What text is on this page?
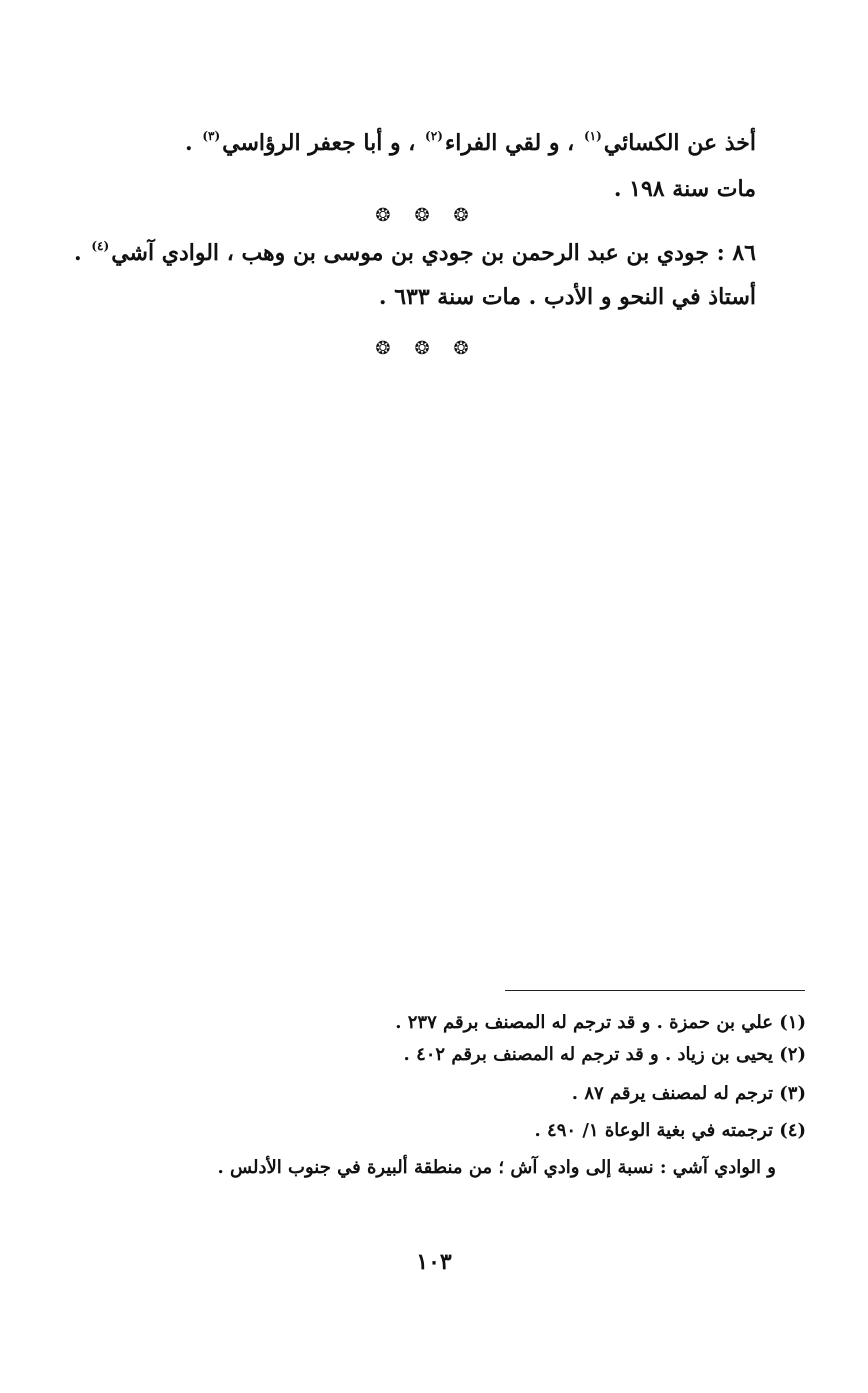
أخذ عن الكسائي$^{(١)}$ ، و لقي الفراء$^{(٢)}$ ، و أبا جعفر الرؤاسي$^{(٣)}$ .
مات سنة ١٩٨ .
❂❂❂
٨٦ : جودي بن عبد الرحمن بن جودي بن موسى بن وهب ، الوادي آشي$^{(٤)}$ .
أستاذ في النحو و الأدب . مات سنة ٦٣٣ .
❂❂❂
(١) علي بن حمزة . و قد ترجم له المصنف برقم ٢٣٧ .
(٢) يحيى بن زياد . و قد ترجم له المصنف برقم ٤٠٢ .
(٣) ترجم له لمصنف يرقم ٨٧ .
(٤) ترجمته في بغية الوعاة ١/ ٤٩٠ .
و الوادي آشي : نسبة إلى وادي آش ؛ من منطقة ألبيرة في جنوب الأدلس .
١٠٣
